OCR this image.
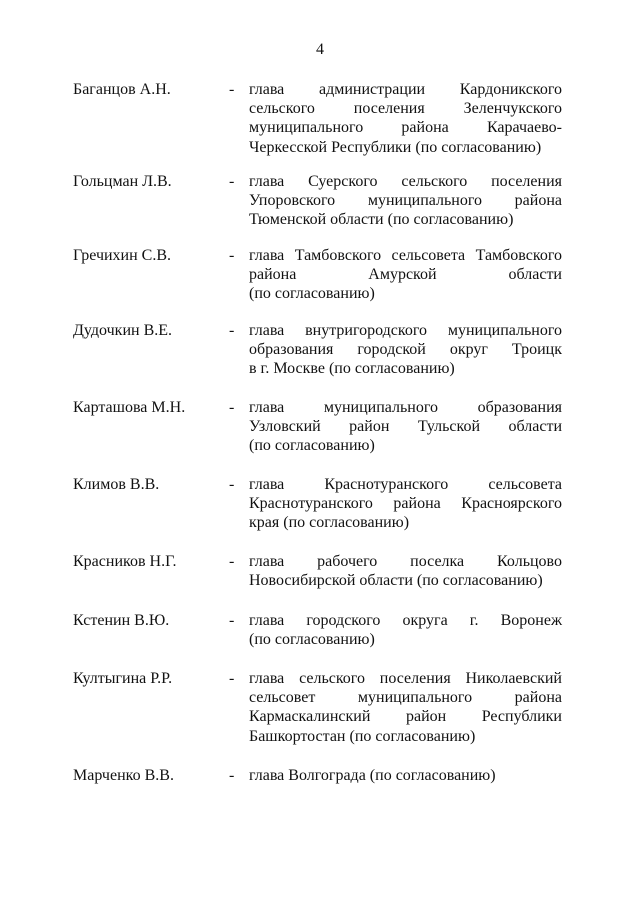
4
Баганцов А.Н.	- глава администрации Кардоникского
сельского поселения Зеленчукского
муниципального района Карачаево-
Черкесской Республики (по согласованию)
Гольцман Л.В.	- глава Суерского сельского поселения
Упоровского муниципального района
Тюменской области (по согласованию)
Гречихин С.В.	- глава Тамбовского сельсовета Тамбовского
района Амурской области
(по согласованию)
Дудочкин В.Е.	- глава внутригородского муниципального
образования городской округ Троицк
в г. Москве (по согласованию)
Карташова М.Н.	- глава муниципального образования
Узловский район Тульской области
(по согласованию)
Климов В.В.	- глава Краснотуранского сельсовета
Краснотуранского района Красноярского
края (по согласованию)
Красников Н.Г.	- глава рабочего поселка Кольцово
Новосибирской области (по согласованию)
Кстенин В.Ю.	- глава городского округа г. Воронеж
(по согласованию)
Култыгина Р.Р.	- глава сельского поселения Николаевский
сельсовет муниципального района
Кармаскалинский район Республики
Башкортостан (по согласованию)
Марченко В.В.	- глава Волгограда (по согласованию)
